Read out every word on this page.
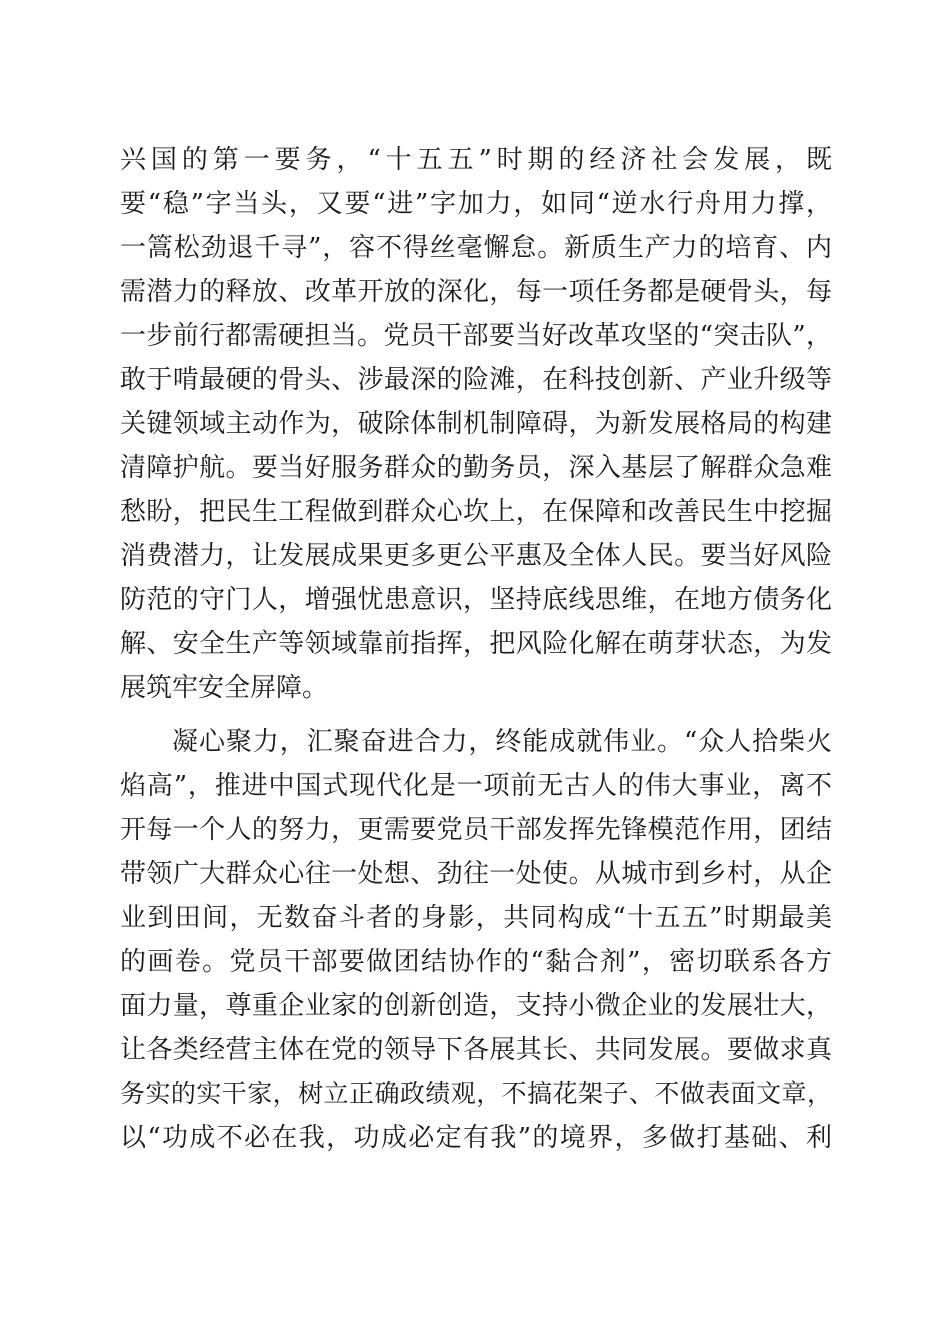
兴国的第一要务，“十五五”时期的经济社会发展，既
要“稳”字当头，又要“进”字加力，如同“逆水行舟用力撑，
一篙松劲退千寻”，容不得丝毫懈怠。新质生产力的培育、内
需潜力的释放、改革开放的深化，每一项任务都是硬骨头，每
一步前行都需硬担当。党员干部要当好改革攻坚的“突击队”，
敢于啃最硬的骨头、涉最深的险滩，在科技创新、产业升级等
关键领域主动作为，破除体制机制障碍，为新发展格局的构建
清障护航。要当好服务群众的勤务员，深入基层了解群众急难
愁盼，把民生工程做到群众心坎上，在保障和改善民生中挖掘
消费潜力，让发展成果更多更公平惠及全体人民。要当好风险
防范的守门人，增强忧患意识，坚持底线思维，在地方债务化
解、安全生产等领域靠前指挥，把风险化解在萌芽状态，为发
展筑牢安全屏障。
凝心聚力，汇聚奋进合力，终能成就伟业。“众人拾柴火
焰高”，推进中国式现代化是一项前无古人的伟大事业，离不
开每一个人的努力，更需要党员干部发挥先锋模范作用，团结
带领广大群众心往一处想、劲往一处使。从城市到乡村，从企
业到田间，无数奋斗者的身影，共同构成“十五五”时期最美
的画卷。党员干部要做团结协作的“黏合剂”，密切联系各方
面力量，尊重企业家的创新创造，支持小微企业的发展壮大，
让各类经营主体在党的领导下各展其长、共同发展。要做求真
务实的实干家，树立正确政绩观，不搞花架子、不做表面文章，
以“功成不必在我，功成必定有我”的境界，多做打基础、利
